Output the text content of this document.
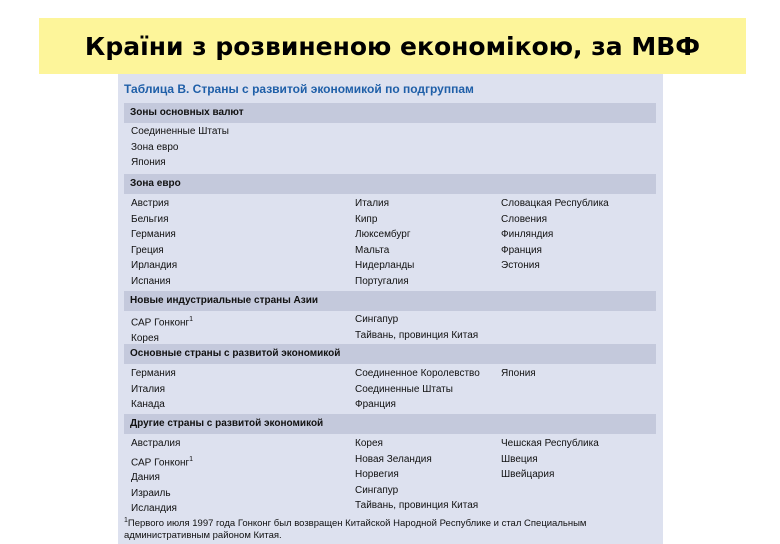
Країни з розвиненою економікою, за МВФ
Таблица В. Страны с развитой экономикой по подгруппам
Зоны основных валют
Соединенные Штаты
Зона евро
Япония
Зона евро
Австрия
Бельгия
Германия
Греция
Ирландия
Испания
Италия
Кипр
Люксембург
Мальта
Нидерланды
Португалия
Словацкая Республика
Словения
Финляндия
Франция
Эстония
Новые индустриальные страны Азии
САР Гонконг$^1$
Корея
Сингапур
Тайвань, провинция Китая
Основные страны с развитой экономикой
Германия
Италия
Канада
Соединенное Королевство
Соединенные Штаты
Франция
Япония
Другие страны с развитой экономикой
Австралия
САР Гонконг$^1$
Дания
Израиль
Исландия
Корея
Новая Зеландия
Норвегия
Сингапур
Тайвань, провинция Китая
Чешская Республика
Швеция
Швейцария
$^1$Первого июля 1997 года Гонконг был возвращен Китайской Народной Республике и стал Специальным административным районом Китая.
